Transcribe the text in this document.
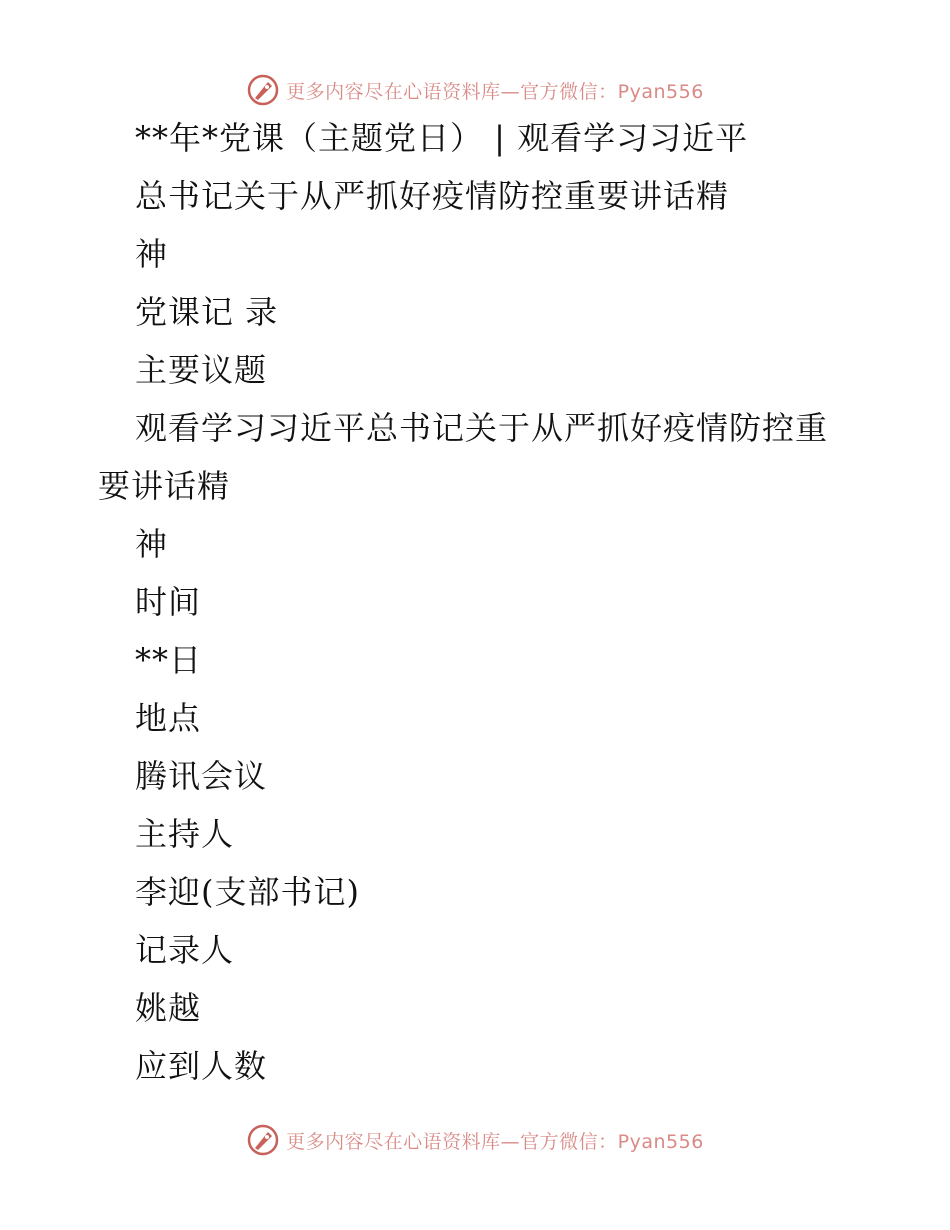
更多内容尽在心语资料库—官方微信：Pyan556
**年*党课（主题党日） | 观看学习习近平
总书记关于从严抓好疫情防控重要讲话精
神
党课记 录
主要议题
观看学习习近平总书记关于从严抓好疫情防控重
要讲话精
神
时间
**日
地点
腾讯会议
主持人
李迎(支部书记)
记录人
姚越
应到人数
更多内容尽在心语资料库—官方微信：Pyan556
